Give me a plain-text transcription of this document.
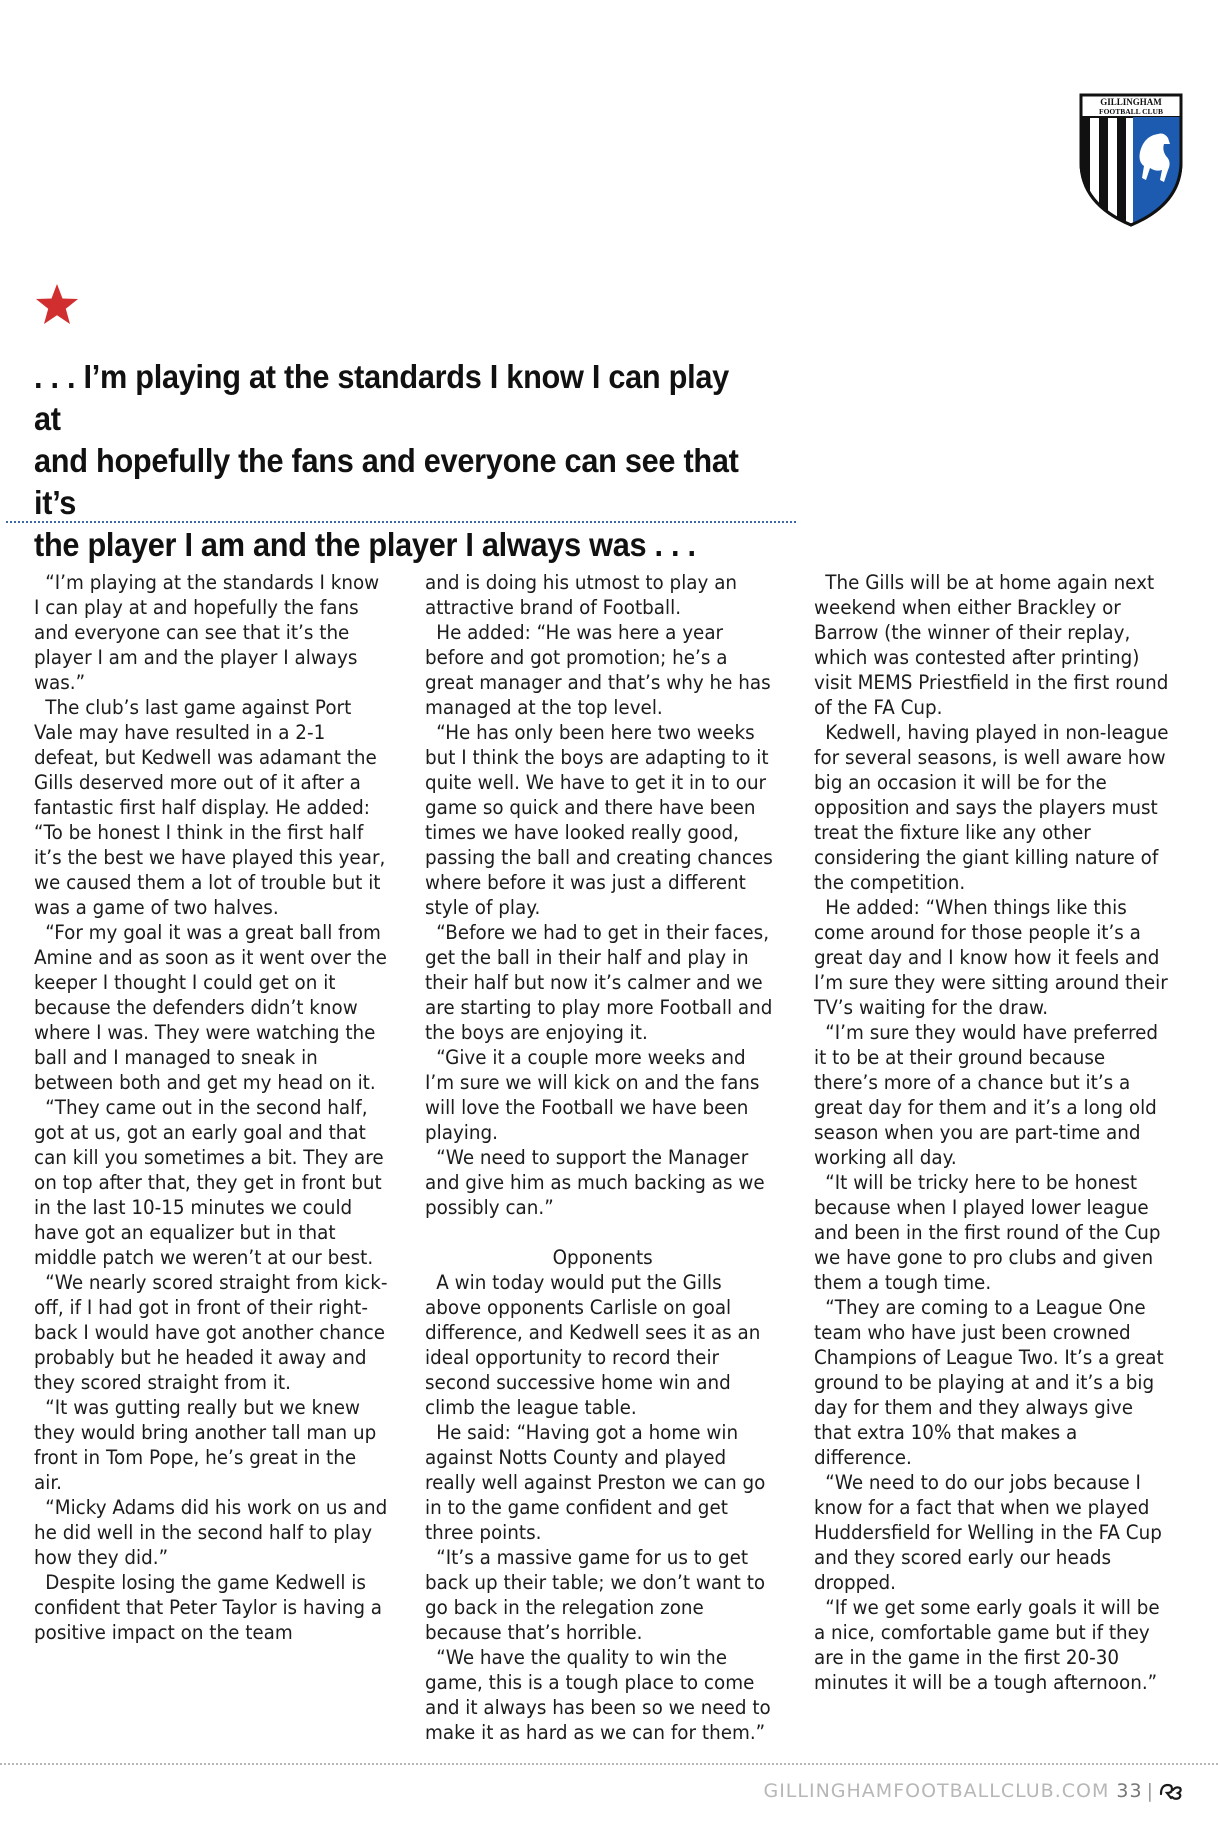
GILLINGHAM
FOOTBALL CLUB
. . . I’m playing at the standards I know I can play at
and hopefully the fans and everyone can see that it’s
the player I am and the player I always was . . .

“I’m playing at the standards I know I can play at and hopefully the fans and everyone can see that it’s the player I am and the player I always was.”

The club’s last game against Port Vale may have resulted in a 2-1 defeat, but Kedwell was adamant the Gills deserved more out of it after a fantastic first half display. He added: “To be honest I think in the first half it’s the best we have played this year, we caused them a lot of trouble but it was a game of two halves.

“For my goal it was a great ball from Amine and as soon as it went over the keeper I thought I could get on it because the defenders didn’t know where I was. They were watching the ball and I managed to sneak in between both and get my head on it.

“They came out in the second half, got at us, got an early goal and that can kill you sometimes a bit. They are on top after that, they get in front but in the last 10-15 minutes we could have got an equalizer but in that middle patch we weren’t at our best.

“We nearly scored straight from kick-off, if I had got in front of their right-back I would have got another chance probably but he headed it away and they scored straight from it.

“It was gutting really but we knew they would bring another tall man up front in Tom Pope, he’s great in the air.

“Micky Adams did his work on us and he did well in the second half to play how they did.”

Despite losing the game Kedwell is confident that Peter Taylor is having a positive impact on the team

and is doing his utmost to play an attractive brand of Football.

He added: “He was here a year before and got promotion; he’s a great manager and that’s why he has managed at the top level.

“He has only been here two weeks but I think the boys are adapting to it quite well. We have to get it in to our game so quick and there have been times we have looked really good, passing the ball and creating chances where before it was just a different style of play.

“Before we had to get in their faces, get the ball in their half and play in their half but now it’s calmer and we are starting to play more Football and the boys are enjoying it.

“Give it a couple more weeks and I’m sure we will kick on and the fans will love the Football we have been playing.

“We need to support the Manager and give him as much backing as we possibly can.”

Opponents

A win today would put the Gills above opponents Carlisle on goal difference, and Kedwell sees it as an ideal opportunity to record their second successive home win and climb the league table.

He said: “Having got a home win against Notts County and played really well against Preston we can go in to the game confident and get three points.

“It’s a massive game for us to get back up their table; we don’t want to go back in the relegation zone because that’s horrible.

“We have the quality to win the game, this is a tough place to come and it always has been so we need to make it as hard as we can for them.”

The Gills will be at home again next weekend when either Brackley or Barrow (the winner of their replay, which was contested after printing) visit MEMS Priestfield in the first round of the FA Cup.

Kedwell, having played in non-league for several seasons, is well aware how big an occasion it will be for the opposition and says the players must treat the fixture like any other considering the giant killing nature of the competition.

He added: “When things like this come around for those people it’s a great day and I know how it feels and I’m sure they were sitting around their TV’s waiting for the draw.

“I’m sure they would have preferred it to be at their ground because there’s more of a chance but it’s a great day for them and it’s a long old season when you are part-time and working all day.

“It will be tricky here to be honest because when I played lower league and been in the first round of the Cup we have gone to pro clubs and given them a tough time.

“They are coming to a League One team who have just been crowned Champions of League Two. It’s a great ground to be playing at and it’s a big day for them and they always give that extra 10% that makes a difference.

“We need to do our jobs because I know for a fact that when we played Huddersfield for Welling in the FA Cup and they scored early our heads dropped.

“If we get some early goals it will be a nice, comfortable game but if they are in the game in the first 20-30 minutes it will be a tough afternoon.”

GILLINGHAMFOOTBALLCLUB.COM 33 |
